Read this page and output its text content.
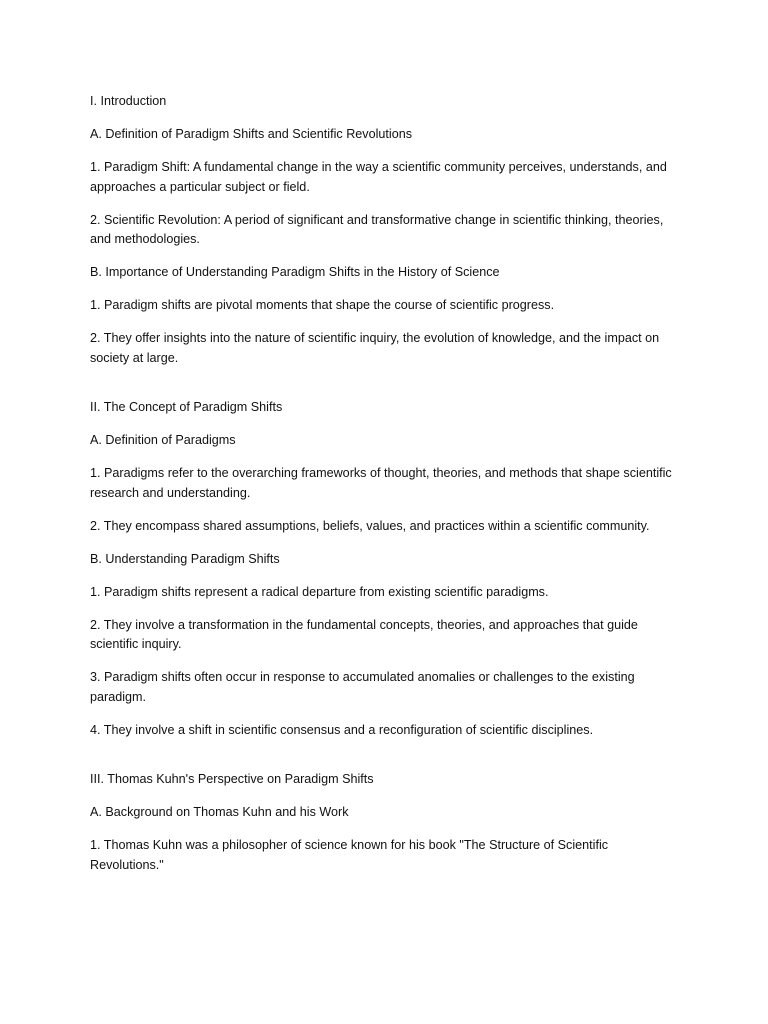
I. Introduction

A. Definition of Paradigm Shifts and Scientific Revolutions

1. Paradigm Shift: A fundamental change in the way a scientific community perceives, understands, and approaches a particular subject or field.

2. Scientific Revolution: A period of significant and transformative change in scientific thinking, theories, and methodologies.

B. Importance of Understanding Paradigm Shifts in the History of Science

1. Paradigm shifts are pivotal moments that shape the course of scientific progress.

2. They offer insights into the nature of scientific inquiry, the evolution of knowledge, and the impact on society at large.

II. The Concept of Paradigm Shifts

A. Definition of Paradigms

1. Paradigms refer to the overarching frameworks of thought, theories, and methods that shape scientific research and understanding.

2. They encompass shared assumptions, beliefs, values, and practices within a scientific community.

B. Understanding Paradigm Shifts

1. Paradigm shifts represent a radical departure from existing scientific paradigms.

2. They involve a transformation in the fundamental concepts, theories, and approaches that guide scientific inquiry.

3. Paradigm shifts often occur in response to accumulated anomalies or challenges to the existing paradigm.

4. They involve a shift in scientific consensus and a reconfiguration of scientific disciplines.

III. Thomas Kuhn's Perspective on Paradigm Shifts

A. Background on Thomas Kuhn and his Work

1. Thomas Kuhn was a philosopher of science known for his book "The Structure of Scientific Revolutions."
